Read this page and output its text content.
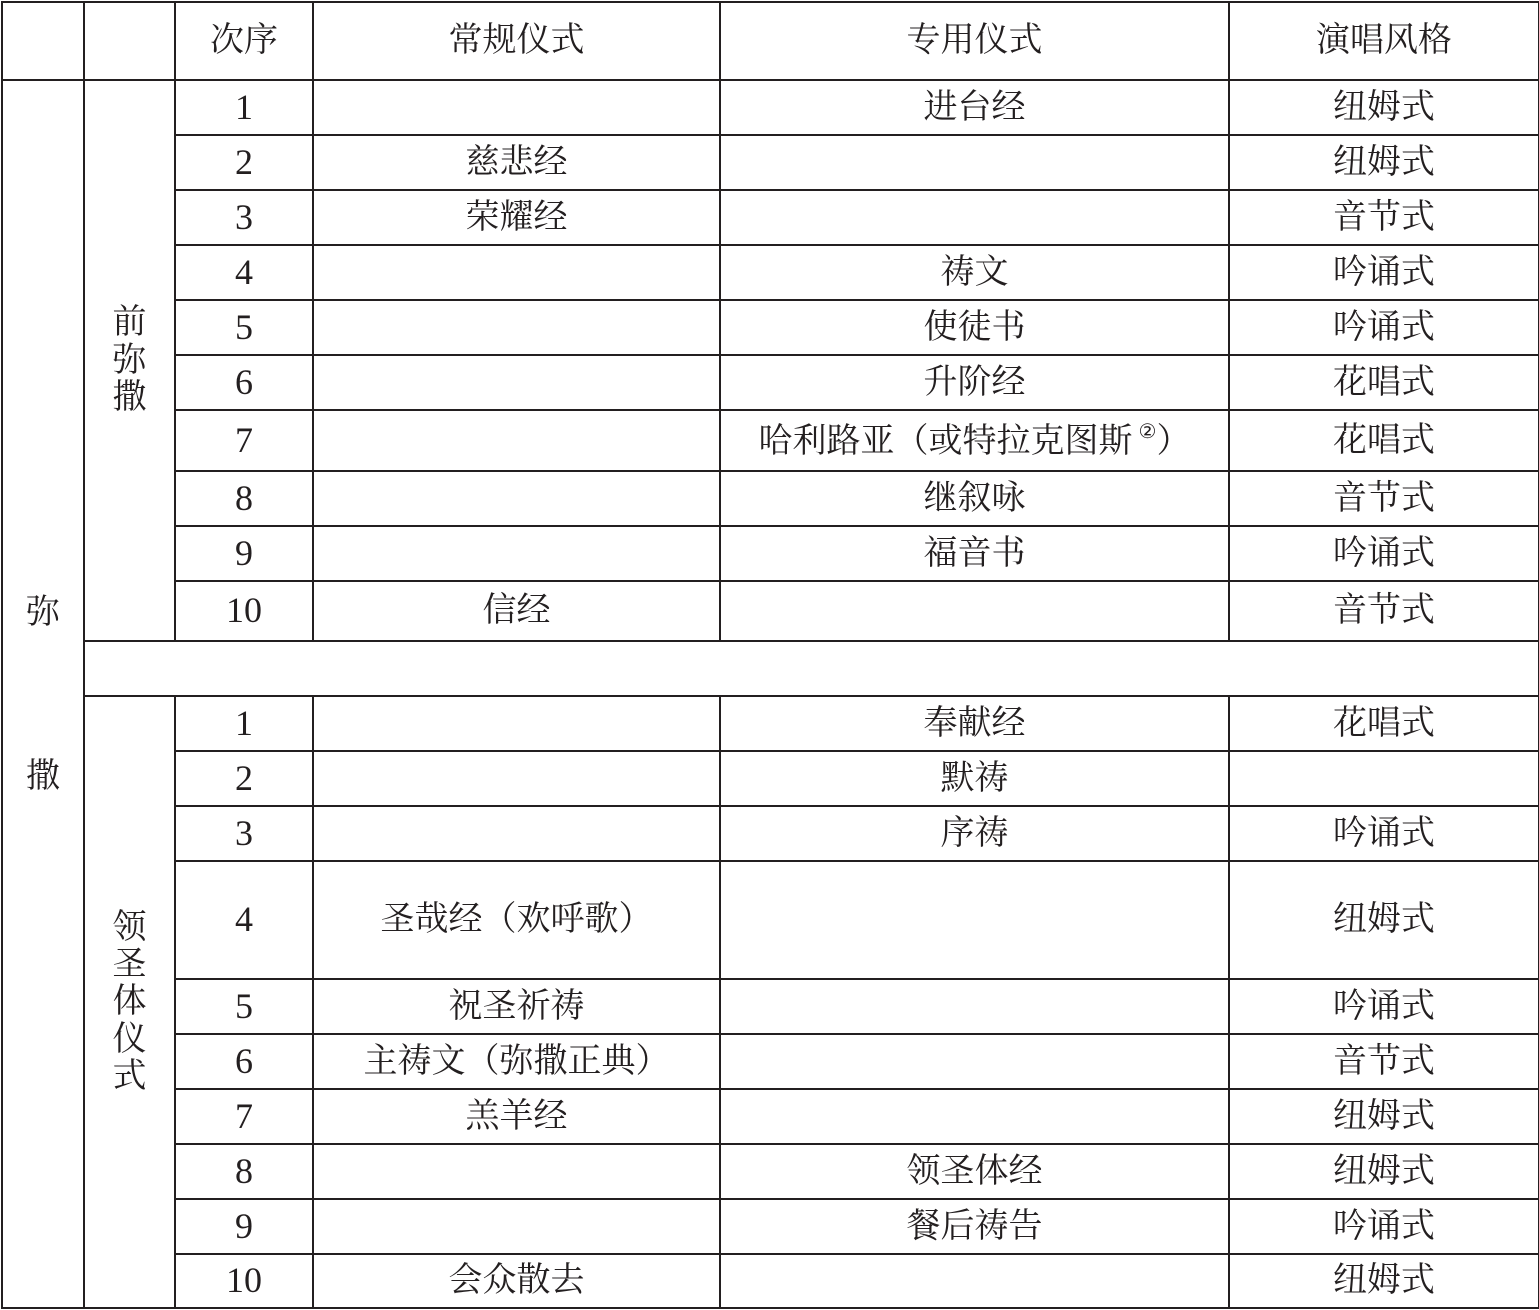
		次序	常规仪式	专用仪式	演唱风格
弥撒	前弥撒	1		进台经	纽姆式
		2	慈悲经		纽姆式
		3	荣耀经		音节式
		4		祷文	吟诵式
		5		使徒书	吟诵式
		6		升阶经	花唱式
		7		哈利路亚（或特拉克图斯 ②）	花唱式
		8		继叙咏	音节式
		9		福音书	吟诵式
		10	信经		音节式

	领圣体仪式	1		奉献经	花唱式
		2		默祷	
		3		序祷	吟诵式
		4	圣哉经（欢呼歌）		纽姆式
		5	祝圣祈祷		吟诵式
		6	主祷文（弥撒正典）		音节式
		7	羔羊经		纽姆式
		8		领圣体经	纽姆式
		9		餐后祷告	吟诵式
		10	会众散去		纽姆式
